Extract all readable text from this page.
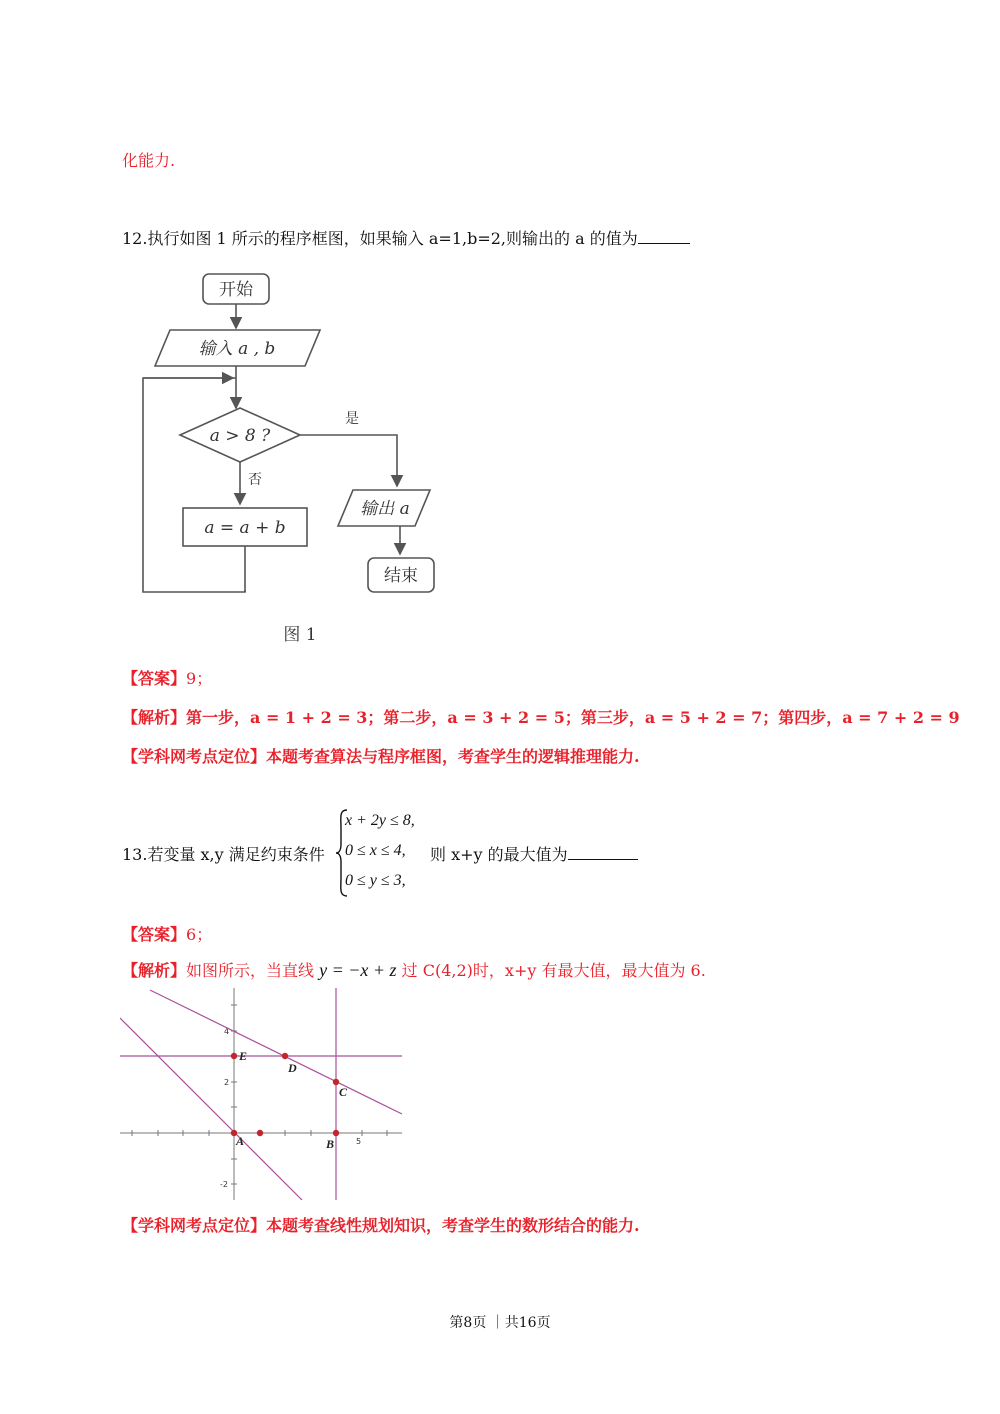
化能力.
12.执行如图 1 所示的程序框图，如果输入 a=1,b=2,则输出的 a 的值为
开始
输入 a , b
a > 8 ?
是
否
a = a + b
输出 a
结束
图 1
【答案】9；
【解析】第一步，a = 1 + 2 = 3；第二步，a = 3 + 2 = 5；第三步，a = 5 + 2 = 7；第四步，a = 7 + 2 = 9
【学科网考点定位】本题考查算法与程序框图，考查学生的逻辑推理能力.
13.若变量 x,y 满足约束条件
x + 2y ≤ 8,
0 ≤ x ≤ 4,
0 ≤ y ≤ 3,
则 x+y 的最大值为
【答案】6；
【解析】如图所示，当直线 y = −x + z 过 C(4,2)时，x+y 有最大值，最大值为 6.
5
4
2
-2
A	B
C
D
E
【学科网考点定位】本题考查线性规划知识，考查学生的数形结合的能力.
第8页 ｜共16页
